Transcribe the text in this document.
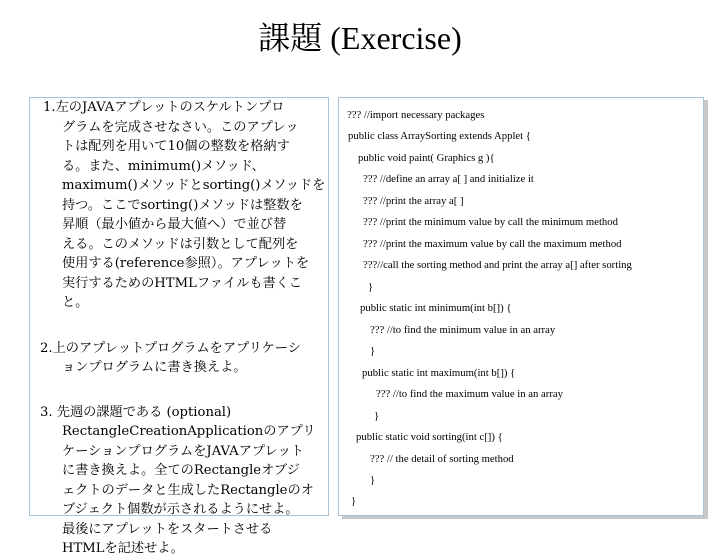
課題 (Exercise)
1.左のJAVAアプレットのスケルトンプロ
グラムを完成させなさい。このアプレッ
トは配列を用いて10個の整数を格納す
る。また、minimum()メソッド、
maximum()メソッドとsorting()メソッドを
持つ。ここでsorting()メソッドは整数を
昇順（最小値から最大値へ）で並び替
える。このメソッドは引数として配列を
使用する(reference参照）。アプレットを
実行するためのHTMLファイルも書くこ
と。
2.上のアプレットプログラムをアプリケーシ
ョンプログラムに書き換えよ。
3. 先週の課題である (optional)
RectangleCreationApplicationのアプリ
ケーションプログラムをJAVAアプレット
に書き換えよ。全てのRectangleオブジ
ェクトのデータと生成したRectangleのオ
ブジェクト個数が示されるようにせよ。
最後にアプレットをスタートさせる
HTMLを記述せよ。
??? //import necessary packages
public class ArraySorting extends Applet {
public void paint( Graphics g ){
??? //define an array a[ ] and initialize it
??? //print the array a[ ]
??? //print the minimum value by call the minimum method
??? //print the maximum value by call the maximum method
???//call the sorting method and print the array a[] after sorting
}
public static int minimum(int b[]) {
??? //to find the minimum value in an array
}
public static int maximum(int b[]) {
??? //to find the maximum value in an array
}
public static void sorting(int c[]) {
??? // the detail of sorting method
}
}
